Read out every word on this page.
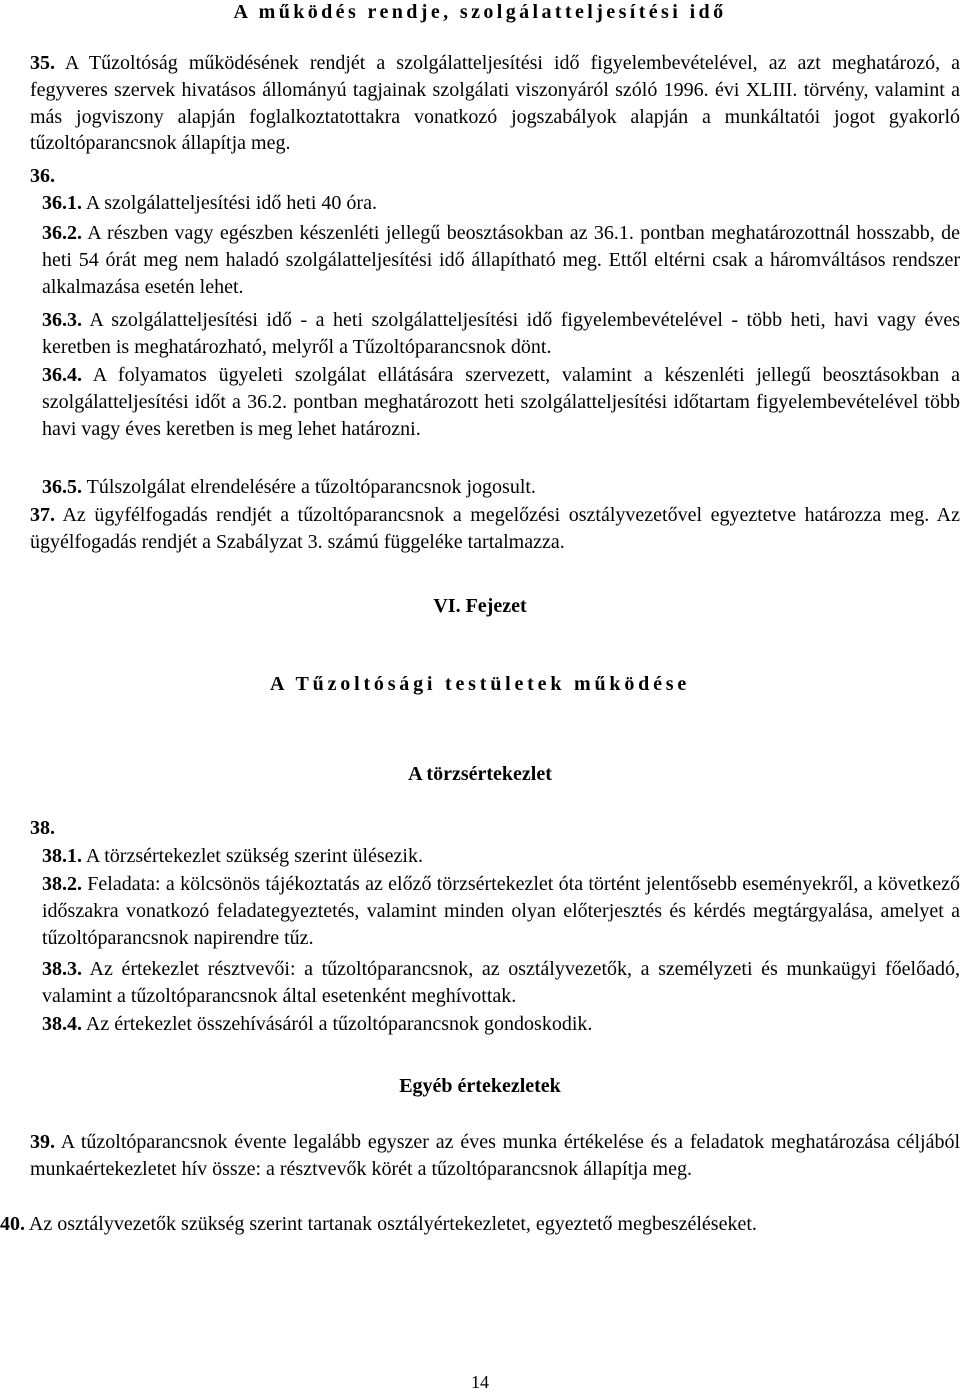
A működés rendje, szolgálatteljesítési idő

35. A Tűzoltóság működésének rendjét a szolgálatteljesítési idő figyelembevételével, az azt meghatározó, a fegyveres szervek hivatásos állományú tagjainak szolgálati viszonyáról szóló 1996. évi XLIII. törvény, valamint a más jogviszony alapján foglalkoztatottakra vonatkozó jogszabályok alapján a munkáltatói jogot gyakorló tűzoltóparancsnok állapítja meg.

36.

36.1. A szolgálatteljesítési idő heti 40 óra.

36.2. A részben vagy egészben készenléti jellegű beosztásokban az 36.1. pontban meghatározottnál hosszabb, de heti 54 órát meg nem haladó szolgálatteljesítési idő állapítható meg. Ettől eltérni csak a háromváltásos rendszer alkalmazása esetén lehet.

36.3. A szolgálatteljesítési idő - a heti szolgálatteljesítési idő figyelembevételével - több heti, havi vagy éves keretben is meghatározható, melyről a Tűzoltóparancsnok dönt.

36.4. A folyamatos ügyeleti szolgálat ellátására szervezett, valamint a készenléti jellegű beosztásokban a szolgálatteljesítési időt a 36.2. pontban meghatározott heti szolgálatteljesítési időtartam figyelembevételével több havi vagy éves keretben is meg lehet határozni.

36.5. Túlszolgálat elrendelésére a tűzoltóparancsnok jogosult.

37. Az ügyfélfogadás rendjét a tűzoltóparancsnok a megelőzési osztályvezetővel egyeztetve határozza meg. Az ügyélfogadás rendjét a Szabályzat 3. számú függeléke tartalmazza.

VI. Fejezet
A Tűzoltósági testületek működése
A törzsértekezlet

38.

38.1. A törzsértekezlet szükség szerint ülésezik.

38.2. Feladata: a kölcsönös tájékoztatás az előző törzsértekezlet óta történt jelentősebb eseményekről, a következő időszakra vonatkozó feladategyeztetés, valamint minden olyan előterjesztés és kérdés megtárgyalása, amelyet a tűzoltóparancsnok napirendre tűz.

38.3. Az értekezlet résztvevői: a tűzoltóparancsnok, az osztályvezetők, a személyzeti és munkaügyi főelőadó, valamint a tűzoltóparancsnok által esetenként meghívottak.

38.4. Az értekezlet összehívásáról a tűzoltóparancsnok gondoskodik.

Egyéb értekezletek

39. A tűzoltóparancsnok évente legalább egyszer az éves munka értékelése és a feladatok meghatározása céljából munkaértekezletet hív össze: a résztvevők körét a tűzoltóparancsnok állapítja meg.

40. Az osztályvezetők szükség szerint tartanak osztályértekezletet, egyeztető megbeszéléseket.

14
